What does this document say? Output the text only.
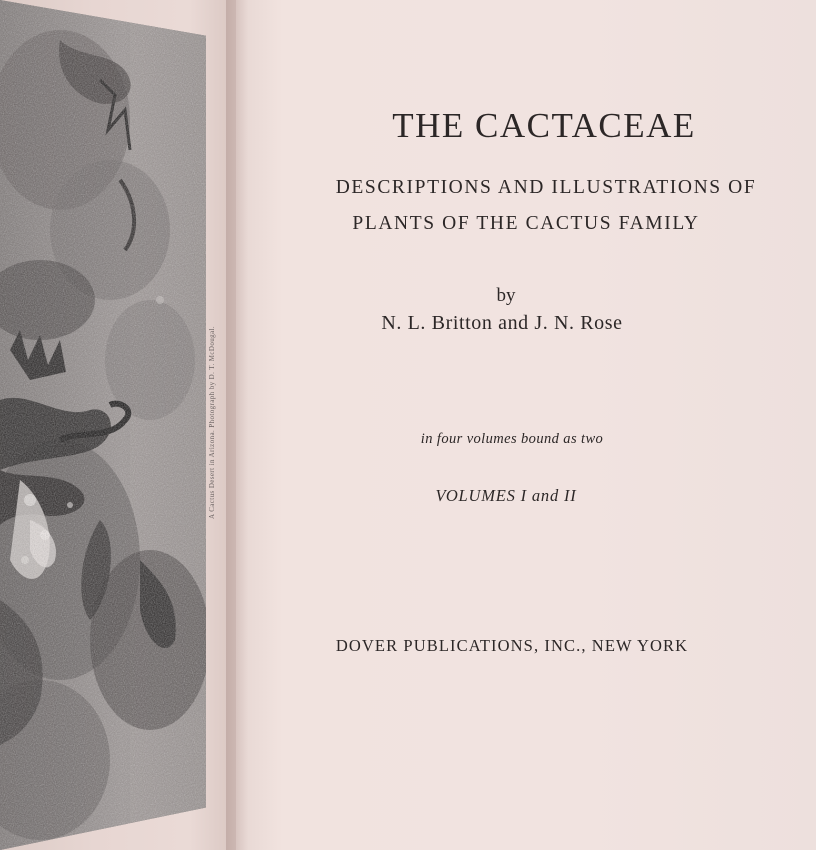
A Cactus Desert in Arizona. Photograph by D. T. McDougal.
THE CACTACEAE
DESCRIPTIONS AND ILLUSTRATIONS OF
PLANTS OF THE CACTUS FAMILY
by
N. L. Britton and J. N. Rose
in four volumes bound as two
VOLUMES I and II
DOVER PUBLICATIONS, INC., NEW YORK
